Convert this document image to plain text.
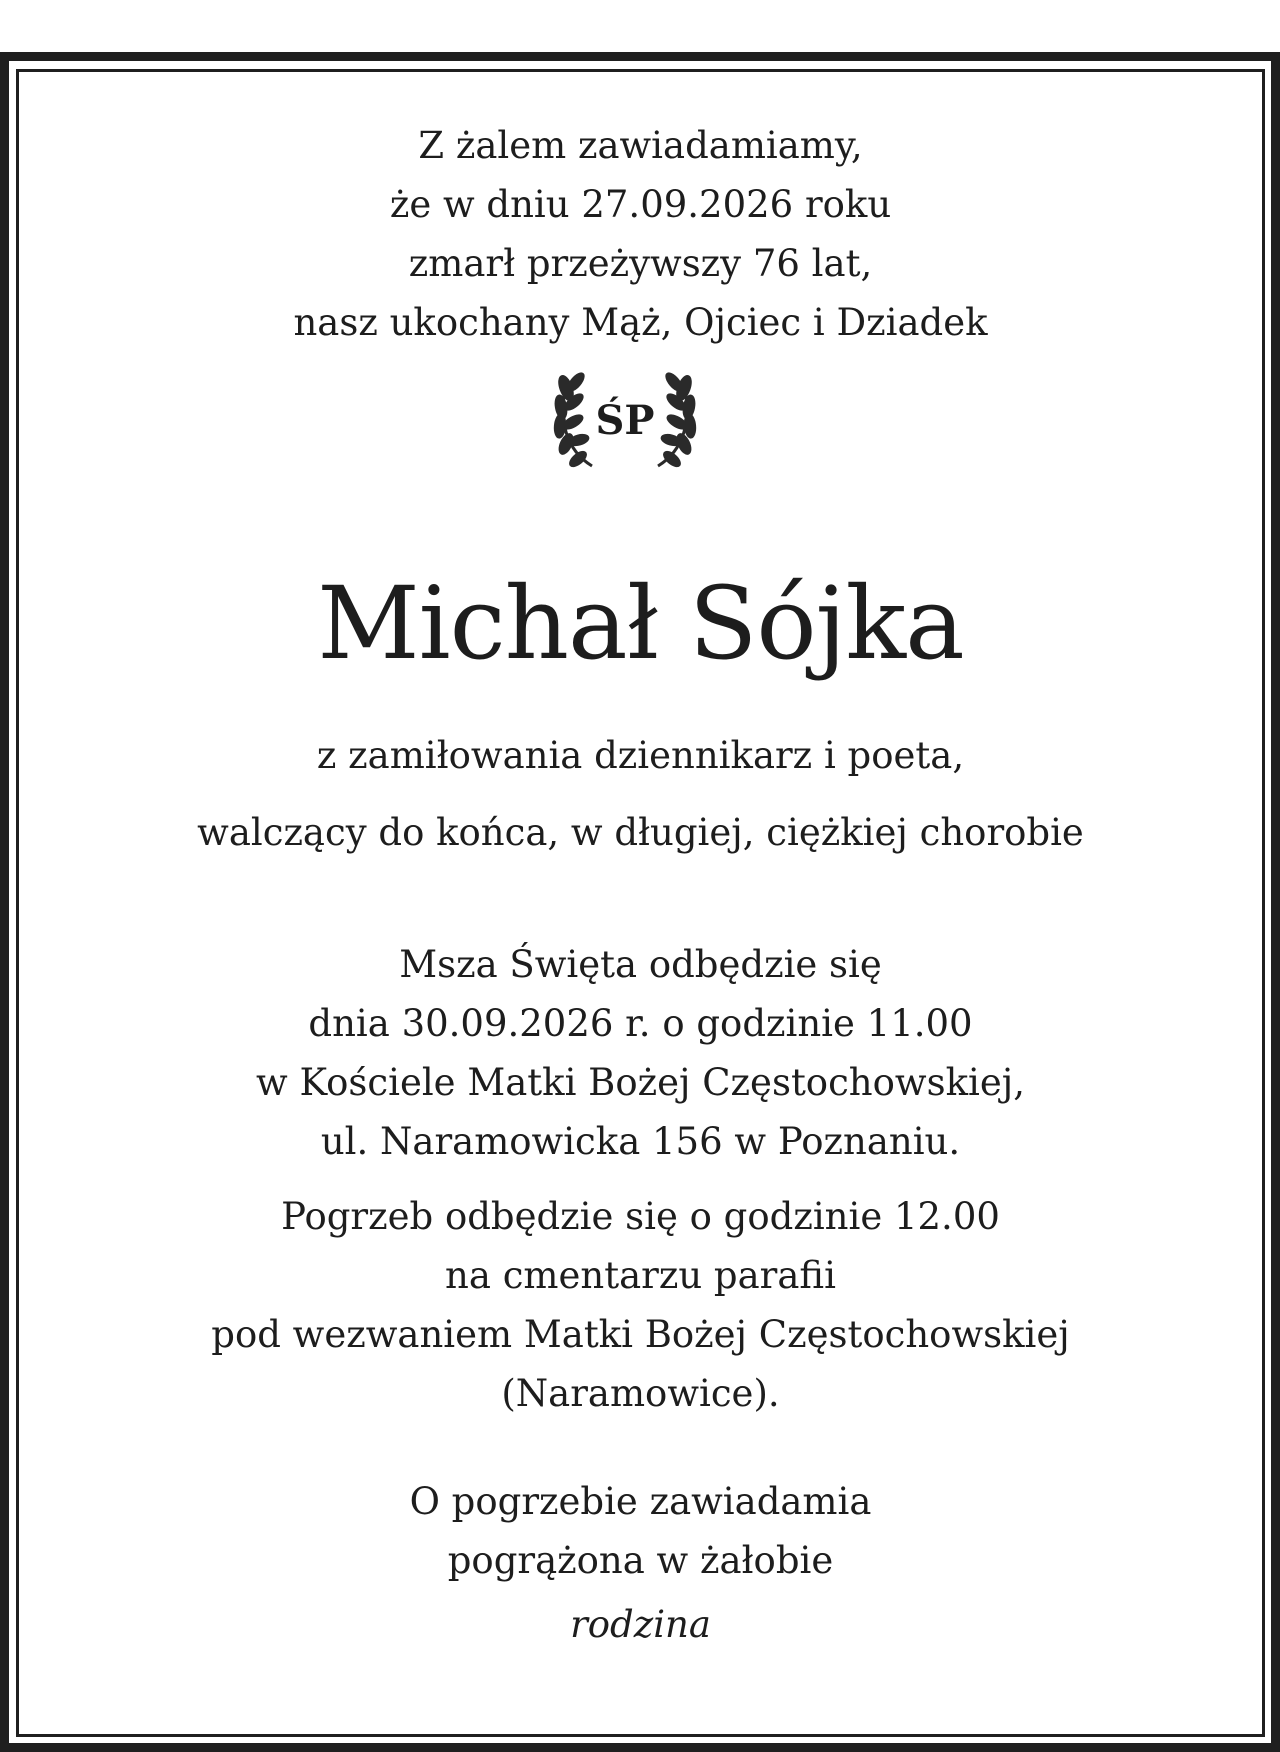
Z żalem zawiadamiamy,
że w dniu 27.09.2026 roku
zmarł przeżywszy 76 lat,
nasz ukochany Mąż, Ojciec i Dziadek
Michał Sójka
z zamiłowania dziennikarz i poeta,
walczący do końca, w długiej, ciężkiej chorobie
Msza Święta odbędzie się
dnia 30.09.2026 r. o godzinie 11.00
w Kościele Matki Bożej Częstochowskiej,
ul. Naramowicka 156 w Poznaniu.
Pogrzeb odbędzie się o godzinie 12.00
na cmentarzu parafii
pod wezwaniem Matki Bożej Częstochowskiej
(Naramowice).
O pogrzebie zawiadamia
pogrążona w żałobie
rodzina
ŚP
